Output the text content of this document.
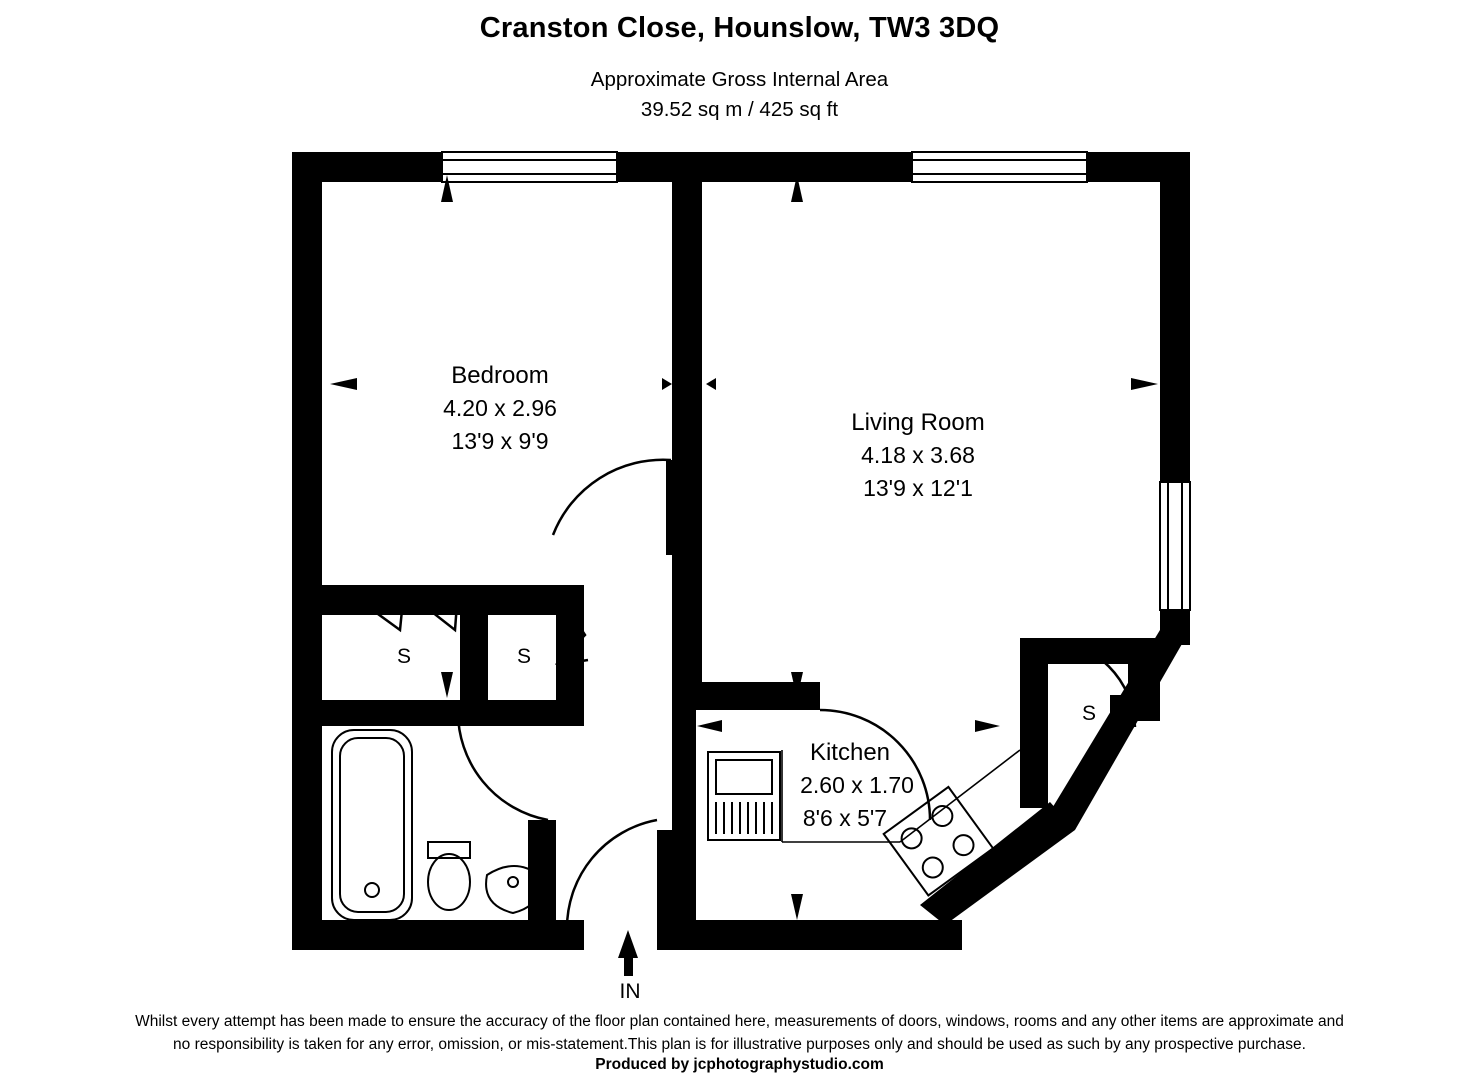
Cranston Close, Hounslow, TW3 3DQ
Approximate Gross Internal Area
39.52 sq m / 425 sq ft
Bedroom
4.20 x 2.96
13'9 x 9'9
Living Room
4.18 x 3.68
13'9 x 12'1
Kitchen
2.60 x 1.70
8'6 x 5'7
S	S
S
IN
Whilst every attempt has been made to ensure the accuracy of the floor plan contained here, measurements of doors, windows, rooms and any other items are approximate and
no responsibility is taken for any error, omission, or mis-statement.This plan is for illustrative purposes only and should be used as such by any prospective purchase.
Produced by jcphotographystudio.com
